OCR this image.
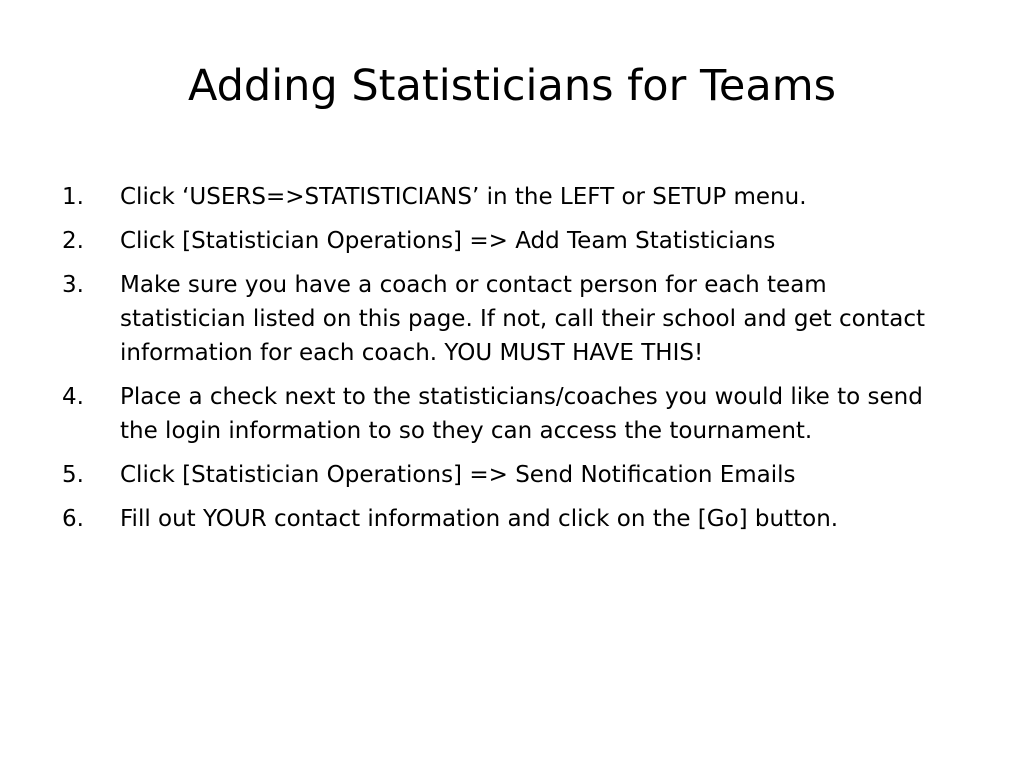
Adding Statisticians for Teams
1. Click ‘USERS=>STATISTICIANS’ in the LEFT or SETUP menu.
2. Click [Statistician Operations] => Add Team Statisticians
3. Make sure you have a coach or contact person for each team statistician listed on this page. If not, call their school and get contact information for each coach. YOU MUST HAVE THIS!
4. Place a check next to the statisticians/coaches you would like to send the login information to so they can access the tournament.
5. Click [Statistician Operations] => Send Notification Emails
6. Fill out YOUR contact information and click on the [Go] button.
